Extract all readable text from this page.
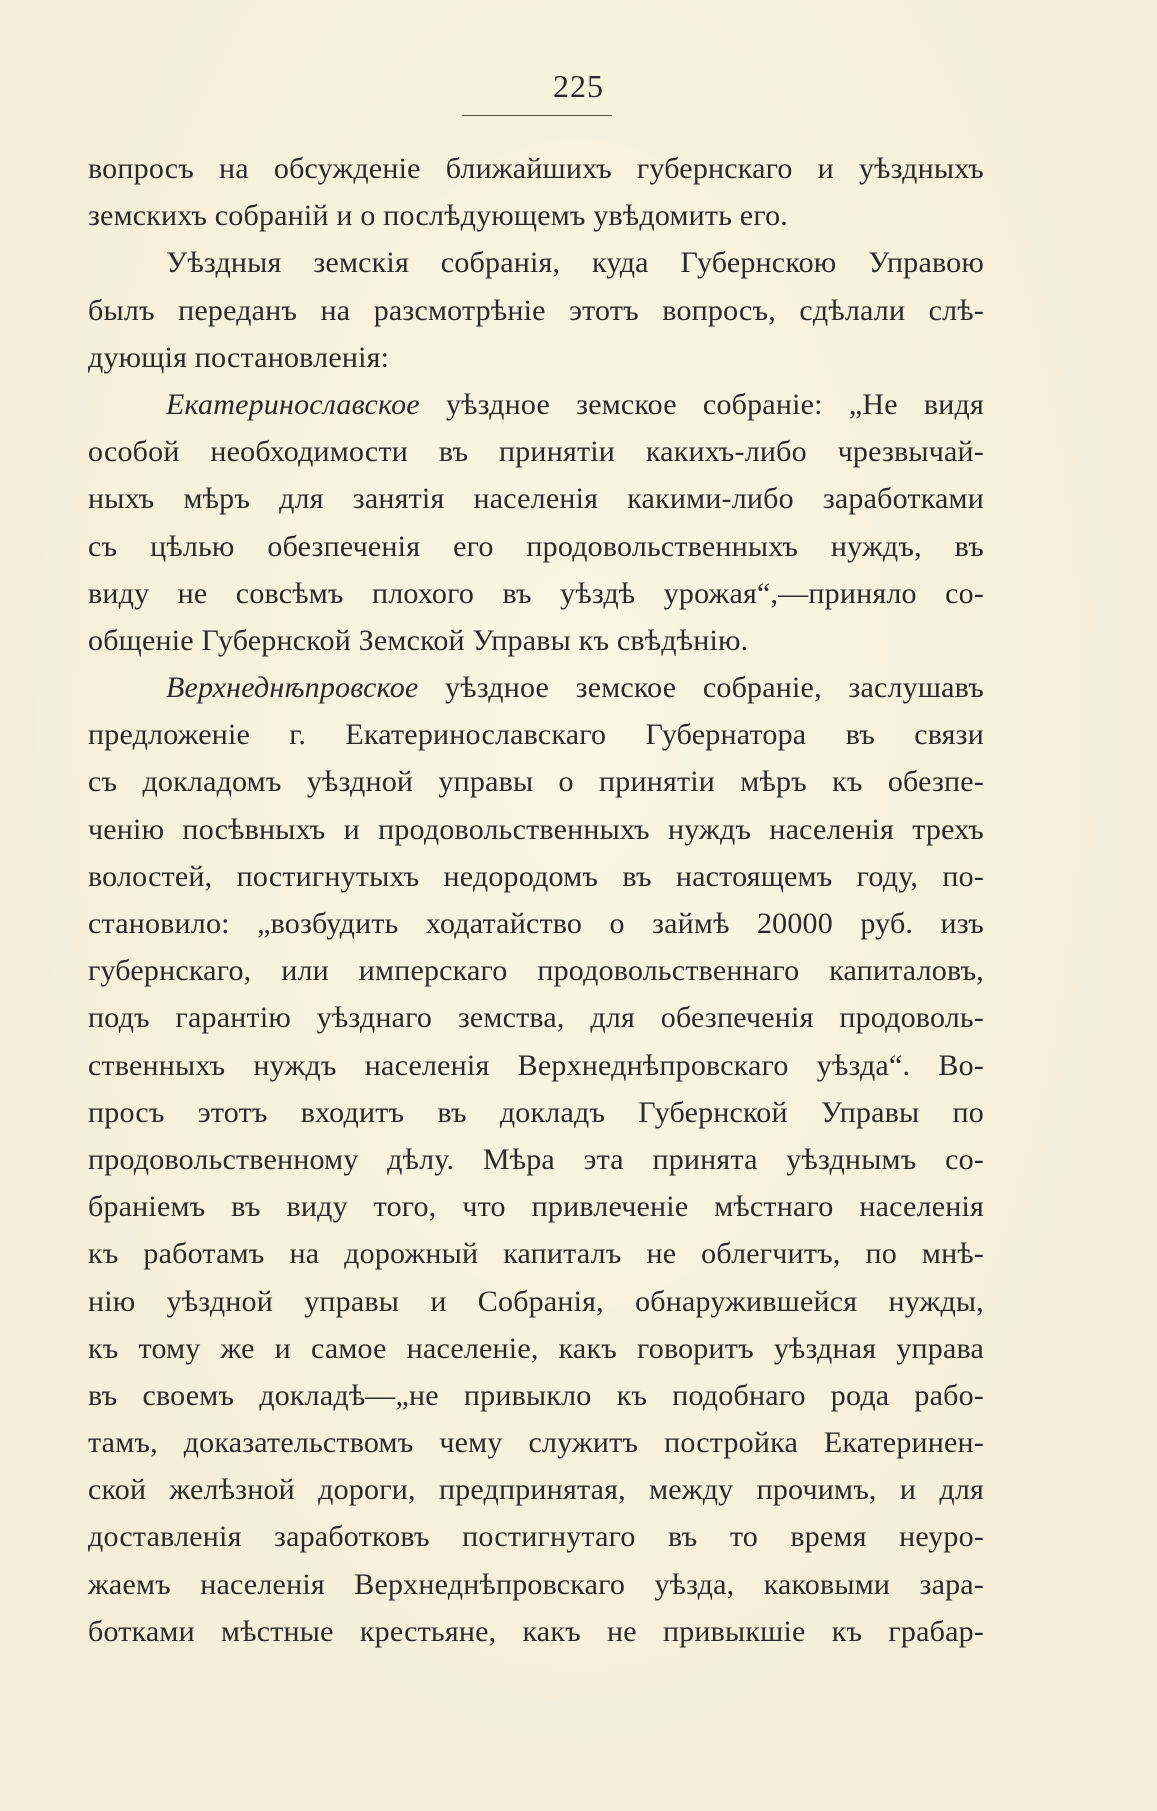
225
вопросъ на обсужденіе ближайшихъ губернскаго и уѣздныхъ
земскихъ собраній и о послѣдующемъ увѣдомить его.
Уѣздныя земскія собранія, куда Губернскою Управою
былъ переданъ на разсмотрѣніе этотъ вопросъ, сдѣлали слѣ-
дующія постановленія:
Екатеринославское уѣздное земское собраніе: „Не видя
особой необходимости въ принятіи какихъ-либо чрезвычай-
ныхъ мѣръ для занятія населенія какими-либо заработками
съ цѣлью обезпеченія его продовольственныхъ нуждъ, въ
виду не совсѣмъ плохого въ уѣздѣ урожая“,—приняло со-
общеніе Губернской Земской Управы къ свѣдѣнію.
Верхнеднѣпровское уѣздное земское собраніе, заслушавъ
предложеніе г. Екатеринославскаго Губернатора въ связи
съ докладомъ уѣздной управы о принятіи мѣръ къ обезпе-
ченію посѣвныхъ и продовольственныхъ нуждъ населенія трехъ
волостей, постигнутыхъ недородомъ въ настоящемъ году, по-
становило: „возбудить ходатайство о займѣ 20000 руб. изъ
губернскаго, или имперскаго продовольственнаго капиталовъ,
подъ гарантію уѣзднаго земства, для обезпеченія продоволь-
ственныхъ нуждъ населенія Верхнеднѣпровскаго уѣзда“. Во-
просъ этотъ входитъ въ докладъ Губернской Управы по
продовольственному дѣлу. Мѣра эта принята уѣзднымъ со-
браніемъ въ виду того, что привлеченіе мѣстнаго населенія
къ работамъ на дорожный капиталъ не облегчитъ, по мнѣ-
нію уѣздной управы и Собранія, обнаружившейся нужды,
къ тому же и самое населеніе, какъ говоритъ уѣздная управа
въ своемъ докладѣ—„не привыкло къ подобнаго рода рабо-
тамъ, доказательствомъ чему служитъ постройка Екатеринен-
ской желѣзной дороги, предпринятая, между прочимъ, и для
доставленія заработковъ постигнутаго въ то время неуро-
жаемъ населенія Верхнеднѣпровскаго уѣзда, каковыми зара-
ботками мѣстные крестьяне, какъ не привыкшіе къ грабар-
